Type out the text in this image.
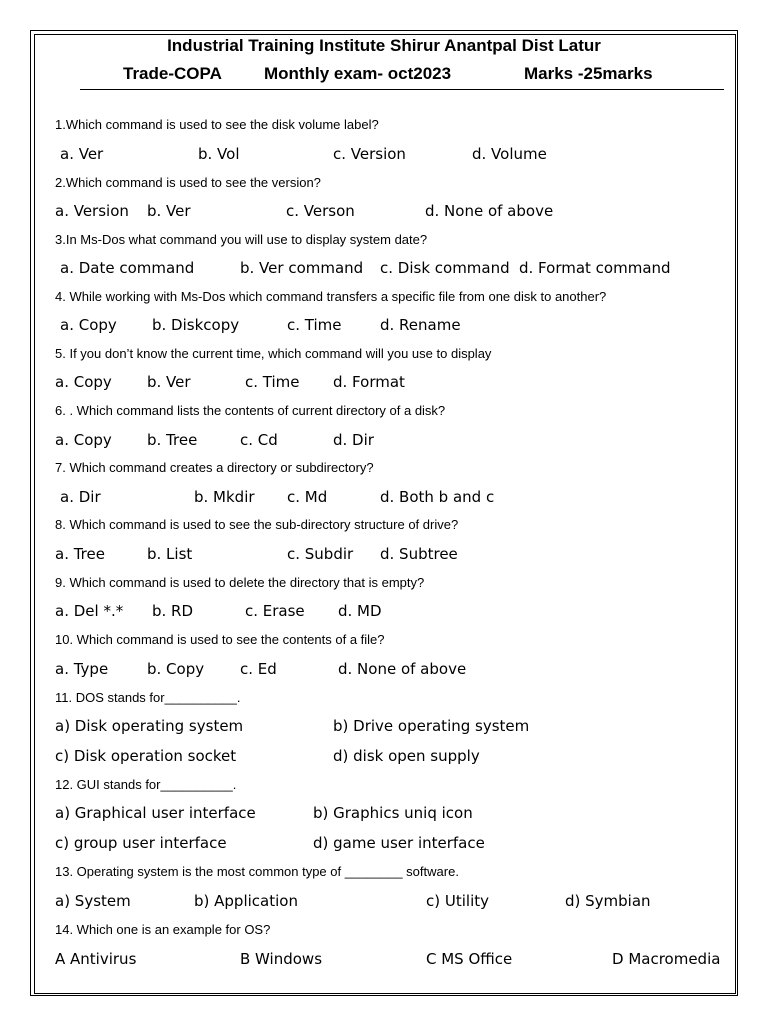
Industrial Training Institute Shirur Anantpal Dist Latur
Trade-COPA Monthly exam- oct2023	Marks -25marks
1.Which command is used to see the disk volume label?
a. Ver	b. Vol	c. Version	d. Volume
2.Which command is used to see the version?
a. Version b. Ver	c. Verson	d. None of above
3.In Ms-Dos what command you will use to display system date?
a. Date command	b. Ver command c. Disk command d. Format command
4. While working with Ms-Dos which command transfers a specific file from one disk to another?
a. Copy b. Diskcopy	c. Time	d. Rename
5. If you don’t know the current time, which command will you use to display
a. Copy b. Ver	c. Time d. Format
6. . Which command lists the contents of current directory of a disk?
a. Copy b. Tree	c. Cd	d. Dir
7. Which command creates a directory or subdirectory?
a. Dir	b. Mkdir c. Md	d. Both b and c
8. Which command is used to see the sub-directory structure of drive?
a. Tree	b. List	c. Subdir d. Subtree
9. Which command is used to delete the directory that is empty?
a. Del *.* b. RD	c. Erase d. MD
10. Which command is used to see the contents of a file?
a. Type	b. Copy c. Ed	d. None of above
11. DOS stands for__________.
a) Disk operating system	b) Drive operating system
c) Disk operation socket	d) disk open supply
12. GUI stands for__________.
a) Graphical user interface	b) Graphics uniq icon
c) group user interface	d) game user interface
13. Operating system is the most common type of ________ software.
a) System	b) Application	c) Utility	d) Symbian
14. Which one is an example for OS?
A Antivirus	B Windows	C MS Office	D Macromedia
